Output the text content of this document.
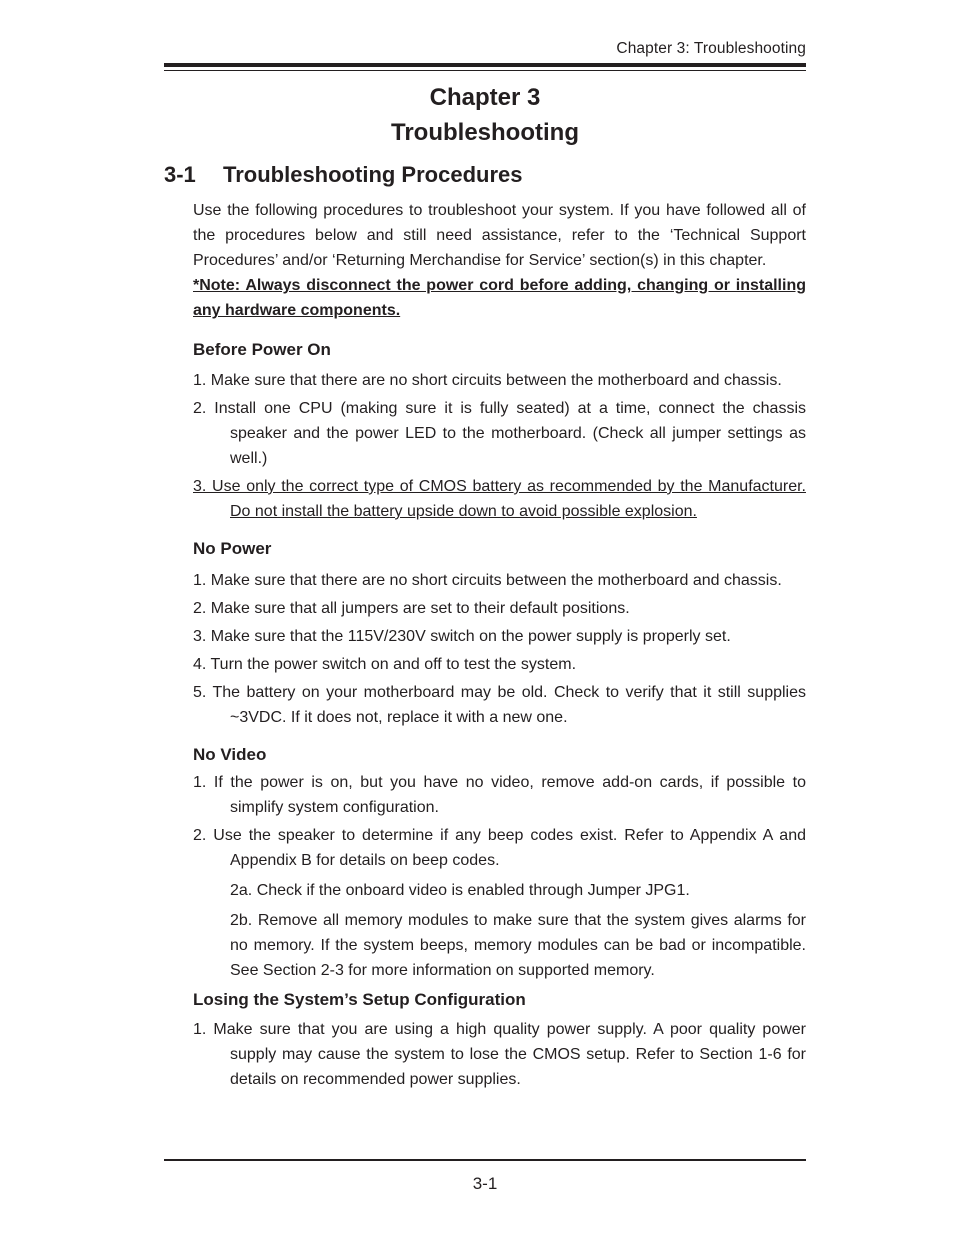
Chapter 3: Troubleshooting
Chapter 3
Troubleshooting
3-1 Troubleshooting Procedures

Use the following procedures to troubleshoot your system. If you have followed all of the procedures below and still need assistance, refer to the ‘Technical Support Procedures’ and/or ‘Returning Merchandise for Service’ section(s) in this chapter.

*Note: Always disconnect the power cord before adding, changing or installing any hardware components.

Before Power On

1. Make sure that there are no short circuits between the motherboard and chassis.

2. Install one CPU (making sure it is fully seated) at a time, connect the chassis speaker and the power LED to the motherboard. (Check all jumper settings as well.)

3. Use only the correct type of CMOS battery as recommended by the Manufacturer. Do not install the battery upside down to avoid possible explosion.

No Power

1. Make sure that there are no short circuits between the motherboard and chassis.

2. Make sure that all jumpers are set to their default positions.

3. Make sure that the 115V/230V switch on the power supply is properly set.

4. Turn the power switch on and off to test the system.

5. The battery on your motherboard may be old. Check to verify that it still supplies ~3VDC. If it does not, replace it with a new one.

No Video

1. If the power is on, but you have no video, remove add-on cards, if possible to simplify system configuration.

2. Use the speaker to determine if any beep codes exist. Refer to Appendix A and Appendix B for details on beep codes.

2a. Check if the onboard video is enabled through Jumper JPG1.

2b. Remove all memory modules to make sure that the system gives alarms for no memory. If the system beeps, memory modules can be bad or incompatible. See Section 2-3 for more information on supported memory.

Losing the System’s Setup Configuration

1. Make sure that you are using a high quality power supply. A poor quality power supply may cause the system to lose the CMOS setup. Refer to Section 1-6 for details on recommended power supplies.

3-1
